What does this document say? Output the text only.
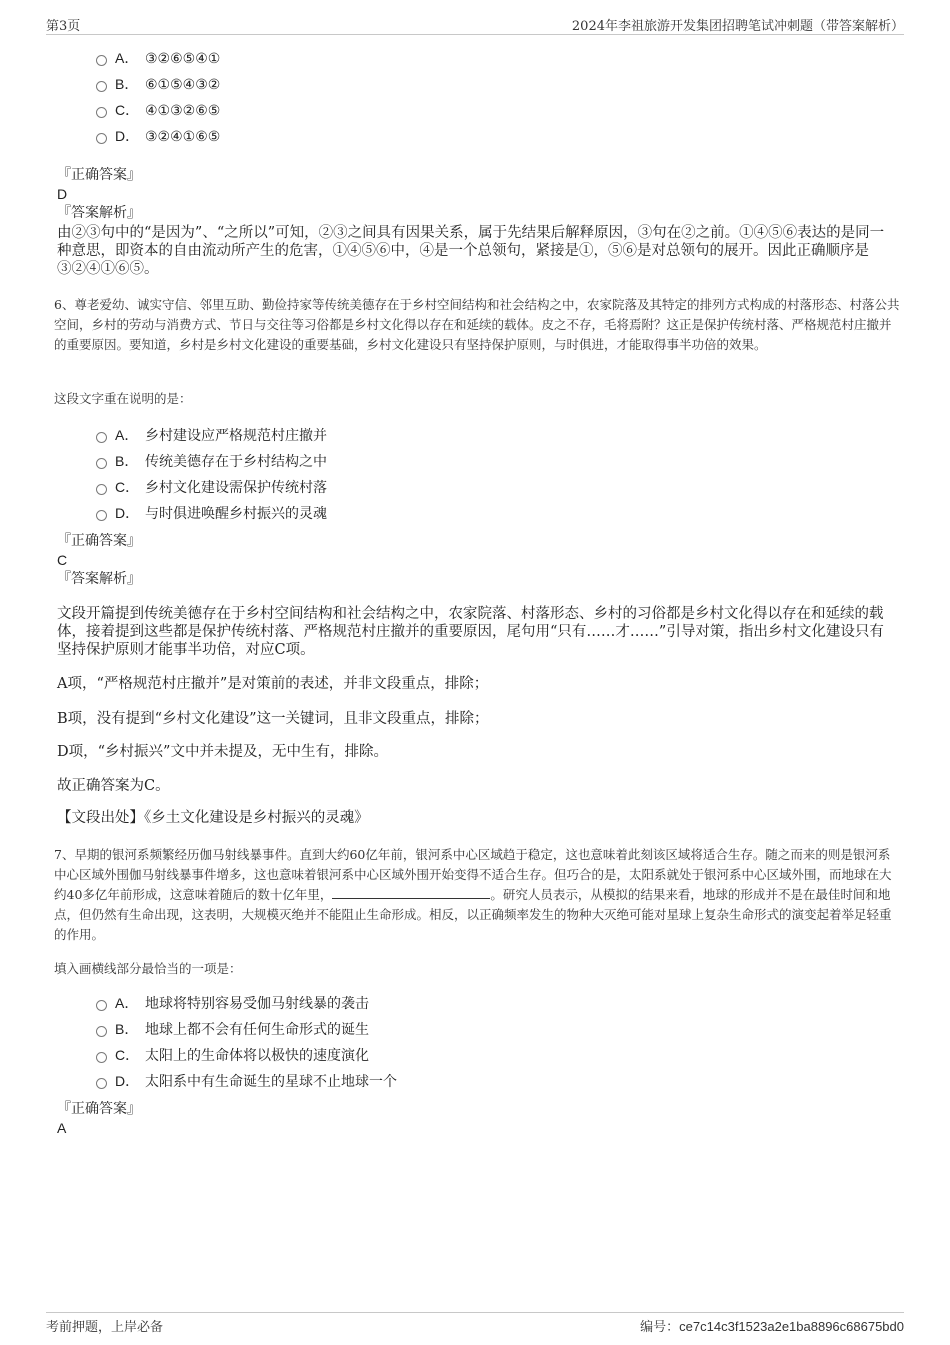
第3页	2024年李祖旅游开发集团招聘笔试冲刺题（带答案解析）
A． ③②⑥⑤④①
B． ⑥①⑤④③②
C． ④①③②⑥⑤
D． ③②④①⑥⑤
『正确答案』
D
『答案解析』

由②③句中的“是因为”、“之所以”可知，②③之间具有因果关系，属于先结果后解释原因，③句在②之前。①④⑤⑥表达的是同一种意思，即资本的自由流动所产生的危害，①④⑤⑥中，④是一个总领句，紧接是①，⑤⑥是对总领句的展开。因此正确顺序是③②④①⑥⑤。

6、尊老爱幼、诚实守信、邻里互助、勤俭持家等传统美德存在于乡村空间结构和社会结构之中，农家院落及其特定的排列方式构成的村落形态、村落公共空间，乡村的劳动与消费方式、节日与交往等习俗都是乡村文化得以存在和延续的载体。皮之不存，毛将焉附？这正是保护传统村落、严格规范村庄撤并的重要原因。要知道，乡村是乡村文化建设的重要基础，乡村文化建设只有坚持保护原则，与时俱进，才能取得事半功倍的效果。

这段文字重在说明的是：

A． 乡村建设应严格规范村庄撤并
B． 传统美德存在于乡村结构之中
C． 乡村文化建设需保护传统村落
D． 与时俱进唤醒乡村振兴的灵魂
『正确答案』
C
『答案解析』

文段开篇提到传统美德存在于乡村空间结构和社会结构之中，农家院落、村落形态、乡村的习俗都是乡村文化得以存在和延续的载体，接着提到这些都是保护传统村落、严格规范村庄撤并的重要原因，尾句用“只有……才……”引导对策，指出乡村文化建设只有坚持保护原则才能事半功倍，对应C项。

A项，“严格规范村庄撤并”是对策前的表述，并非文段重点，排除；

B项，没有提到“乡村文化建设”这一关键词，且非文段重点，排除；

D项，“乡村振兴”文中并未提及，无中生有，排除。

故正确答案为C。

【文段出处】《乡土文化建设是乡村振兴的灵魂》

7、早期的银河系频繁经历伽马射线暴事件。直到大约60亿年前，银河系中心区域趋于稳定，这也意味着此刻该区域将适合生存。随之而来的则是银河系中心区域外围伽马射线暴事件增多，这也意味着银河系中心区域外围开始变得不适合生存。但巧合的是，太阳系就处于银河系中心区域外围，而地球在大约40多亿年前形成，这意味着随后的数十亿年里，	。研究人员表示，从模拟的结果来看，地球的形成并不是在最佳时间和地点，但仍然有生命出现，这表明，大规模灭绝并不能阻止生命形成。相反，以正确频率发生的物种大灭绝可能对星球上复杂生命形式的演变起着举足轻重的作用。

填入画横线部分最恰当的一项是：

A． 地球将特别容易受伽马射线暴的袭击
B． 地球上都不会有任何生命形式的诞生
C． 太阳上的生命体将以极快的速度演化
D． 太阳系中有生命诞生的星球不止地球一个
『正确答案』
A
考前押题，上岸必备	编号：ce7c14c3f1523a2e1ba8896c68675bd0
